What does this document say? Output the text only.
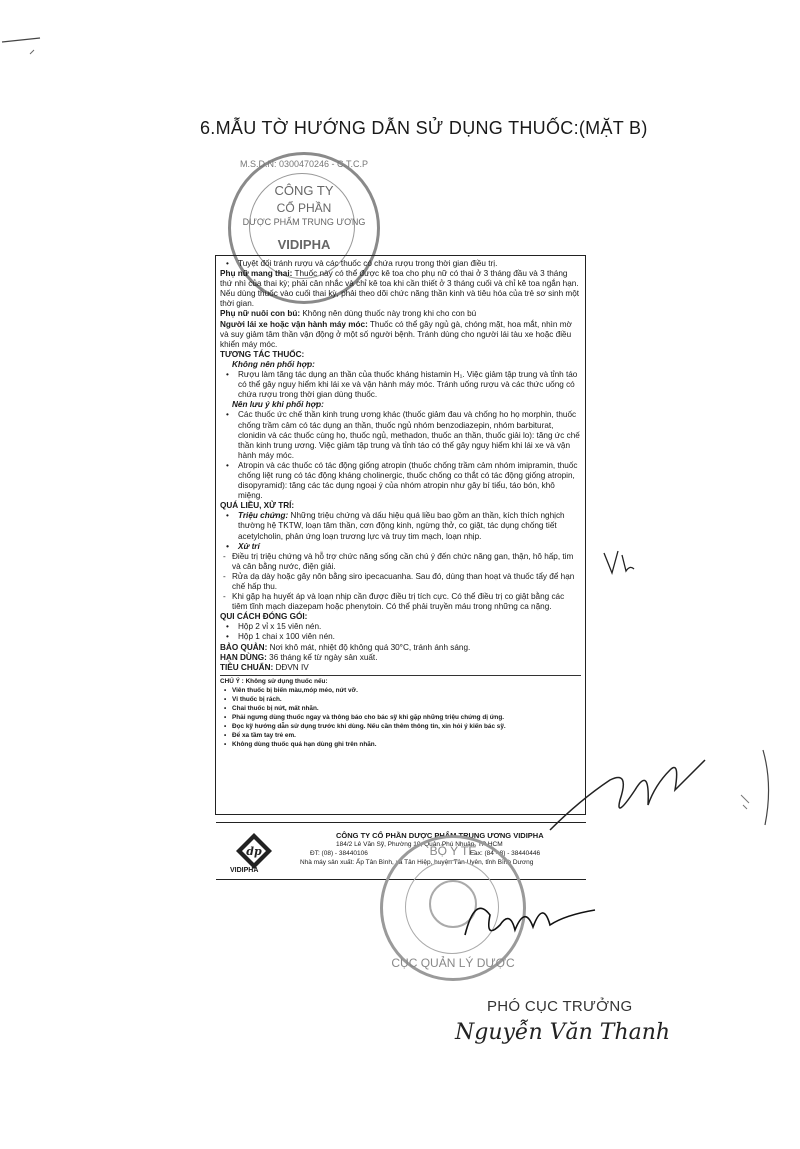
6.MẪU TỜ HƯỚNG DẪN SỬ DỤNG THUỐC:(MẶT B)
M.S.D.N: 0300470246 - C.T.C.P
CÔNG TY
CỔ PHẦN
DƯỢC PHẨM TRUNG ƯƠNG
VIDIPHA

• Tuyệt đối tránh rượu và các thuốc có chứa rượu trong thời gian điều trị.

Phụ nữ mang thai: Thuốc này có thể được kê toa cho phụ nữ có thai ở 3 tháng đầu và 3 tháng thứ nhì của thai kỳ; phải cân nhắc và chỉ kê toa khi cần thiết ở 3 tháng cuối và chỉ kê toa ngắn hạn. Nếu dùng thuốc vào cuối thai kỳ, phải theo dõi chức năng thần kinh và tiêu hóa của trẻ sơ sinh một thời gian.

Phụ nữ nuôi con bú: Không nên dùng thuốc này trong khi cho con bú

Người lái xe hoặc vận hành máy móc: Thuốc có thể gây ngủ gà, chóng mặt, hoa mắt, nhìn mờ và suy giảm tâm thần vận động ở một số người bệnh. Tránh dùng cho người lái tàu xe hoặc điều khiển máy móc.

TƯƠNG TÁC THUỐC:

Không nên phối hợp:

• Rượu làm tăng tác dụng an thần của thuốc kháng histamin H₁. Việc giảm tập trung và tỉnh táo có thể gây nguy hiểm khi lái xe và vận hành máy móc. Tránh uống rượu và các thức uống có chứa rượu trong thời gian dùng thuốc.

Nên lưu ý khi phối hợp:

• Các thuốc ức chế thần kinh trung ương khác (thuốc giảm đau và chống ho họ morphin, thuốc chống trầm cảm có tác dụng an thần, thuốc ngủ nhóm benzodiazepin, nhóm barbiturat, clonidin và các thuốc cùng họ, thuốc ngủ, methadon, thuốc an thần, thuốc giải lo): tăng ức chế thần kinh trung ương. Việc giảm tập trung và tỉnh táo có thể gây nguy hiểm khi lái xe và vận hành máy móc.

• Atropin và các thuốc có tác động giống atropin (thuốc chống trầm cảm nhóm imipramin, thuốc chống liệt rung có tác động kháng cholinergic, thuốc chống co thắt có tác động giống atropin, disopyramid): tăng các tác dụng ngoại ý của nhóm atropin như gây bí tiểu, táo bón, khô miệng.

QUÁ LIỀU, XỬ TRÍ:

• Triệu chứng: Những triệu chứng và dấu hiệu quá liều bao gồm an thần, kích thích nghịch thường hệ TKTW, loạn tâm thần, cơn động kinh, ngừng thở, co giật, tác dụng chống tiết acetylcholin, phản ứng loạn trương lực và truy tim mạch, loạn nhịp.

• Xử trí

- Điều trị triệu chứng và hỗ trợ chức năng sống cần chú ý đến chức năng gan, thận, hô hấp, tim và cân bằng nước, điện giải.

- Rửa dạ dày hoặc gây nôn bằng siro ipecacuanha. Sau đó, dùng than hoạt và thuốc tẩy để hạn chế hấp thu.

- Khi gặp hạ huyết áp và loạn nhịp cần được điều trị tích cực. Có thể điều trị co giật bằng các tiêm tĩnh mạch diazepam hoặc phenytoin. Có thể phải truyền máu trong những ca nặng.

QUI CÁCH ĐÓNG GÓI:

• Hộp 2 vỉ x 15 viên nén.

• Hộp 1 chai x 100 viên nén.

BẢO QUẢN: Nơi khô mát, nhiệt độ không quá 30°C, tránh ánh sáng.

HẠN DÙNG: 36 tháng kể từ ngày sản xuất.

TIÊU CHUẨN: DĐVN IV

CHÚ Ý : Không sử dụng thuốc nếu:

• Viên thuốc bị biến màu,móp méo, nứt vỡ.

• Vỉ thuốc bị rách.

• Chai thuốc bị nứt, mất nhãn.

• Phải ngưng dùng thuốc ngay và thông báo cho bác sỹ khi gặp những triệu chứng dị ứng.

• Đọc kỹ hướng dẫn sử dụng trước khi dùng. Nếu cần thêm thông tin, xin hỏi ý kiến bác sỹ.

• Để xa tầm tay trẻ em.

• Không dùng thuốc quá hạn dùng ghi trên nhãn.

dp
VIDIPHA
CÔNG TY CỔ PHẦN DƯỢC PHẨM TRUNG ƯƠNG VIDIPHA
184/2 Lê Văn Sỹ, Phường 10, Quận Phú Nhuận, TP HCM
ĐT: (08) - 38440106	Fax: (84 - 8) - 38440446
Nhà máy sản xuất: Ấp Tân Bình, xã Tân Hiệp, huyện Tân Uyên, tỉnh Bình Dương
BỘ Y TẾ
CỤC QUẢN LÝ DƯỢC
PHÓ CỤC TRƯỞNG
Nguyễn Văn Thanh
